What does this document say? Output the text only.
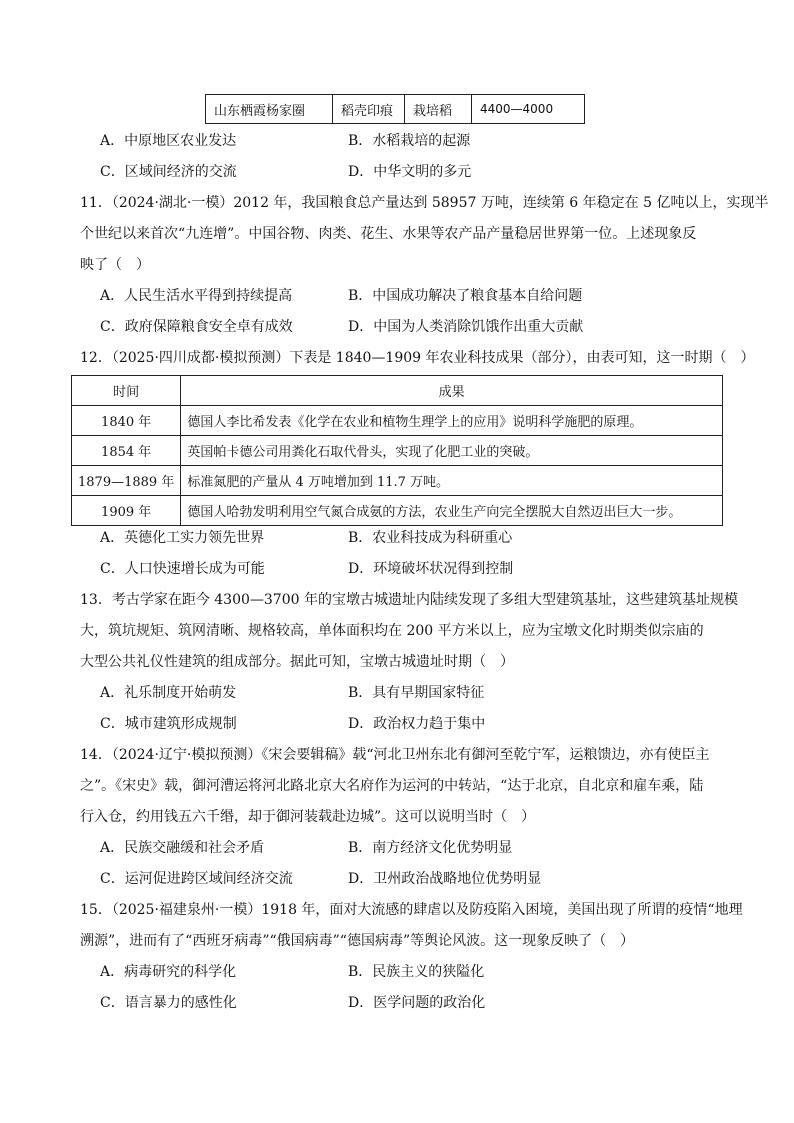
山东栖霞杨家圈	稻壳印痕	栽培稻	4400—4000
A．中原地区农业发达	B．水稻栽培的起源
C．区域间经济的交流	D．中华文明的多元
11．（2024·湖北·一模）2012 年，我国粮食总产量达到 58957 万吨，连续第 6 年稳定在 5 亿吨以上，实现半
个世纪以来首次“九连增”。中国谷物、肉类、花生、水果等农产品产量稳居世界第一位。上述现象反
映了（　）
A．人民生活水平得到持续提高	B．中国成功解决了粮食基本自给问题
C．政府保障粮食安全卓有成效	D．中国为人类消除饥饿作出重大贡献
12．（2025·四川成都·模拟预测）下表是 1840—1909 年农业科技成果（部分），由表可知，这一时期（　）
时间	成果
1840 年	德国人李比希发表《化学在农业和植物生理学上的应用》说明科学施肥的原理。
1854 年	英国帕卡德公司用粪化石取代骨头，实现了化肥工业的突破。
1879—1889 年	标准氮肥的产量从 4 万吨增加到 11.7 万吨。
1909 年	德国人哈勃发明利用空气氮合成氨的方法，农业生产向完全摆脱大自然迈出巨大一步。
A．英德化工实力领先世界	B．农业科技成为科研重心
C．人口快速增长成为可能	D．环境破坏状况得到控制
13．考古学家在距今 4300—3700 年的宝墩古城遗址内陆续发现了多组大型建筑基址，这些建筑基址规模
大，筑坑规矩、筑网清晰、规格较高，单体面积均在 200 平方米以上，应为宝墩文化时期类似宗庙的
大型公共礼仪性建筑的组成部分。据此可知，宝墩古城遗址时期（　）
A．礼乐制度开始萌发	B．具有早期国家特征
C．城市建筑形成规制	D．政治权力趋于集中
14．（2024·辽宁·模拟预测）《宋会要辑稿》载“河北卫州东北有御河至乾宁军，运粮馈边，亦有使臣主
之”。《宋史》载，御河漕运将河北路北京大名府作为运河的中转站，“达于北京，自北京和雇车乘，陆
行入仓，约用钱五六千缗，却于御河装载赴边城”。这可以说明当时（　）
A．民族交融缓和社会矛盾	B．南方经济文化优势明显
C．运河促进跨区域间经济交流	D．卫州政治战略地位优势明显
15．（2025·福建泉州·一模）1918 年，面对大流感的肆虐以及防疫陷入困境，美国出现了所谓的疫情“地理
溯源”，进而有了“西班牙病毒”“俄国病毒”“德国病毒”等舆论风波。这一现象反映了（　）
A．病毒研究的科学化	B．民族主义的狭隘化
C．语言暴力的感性化	D．医学问题的政治化
